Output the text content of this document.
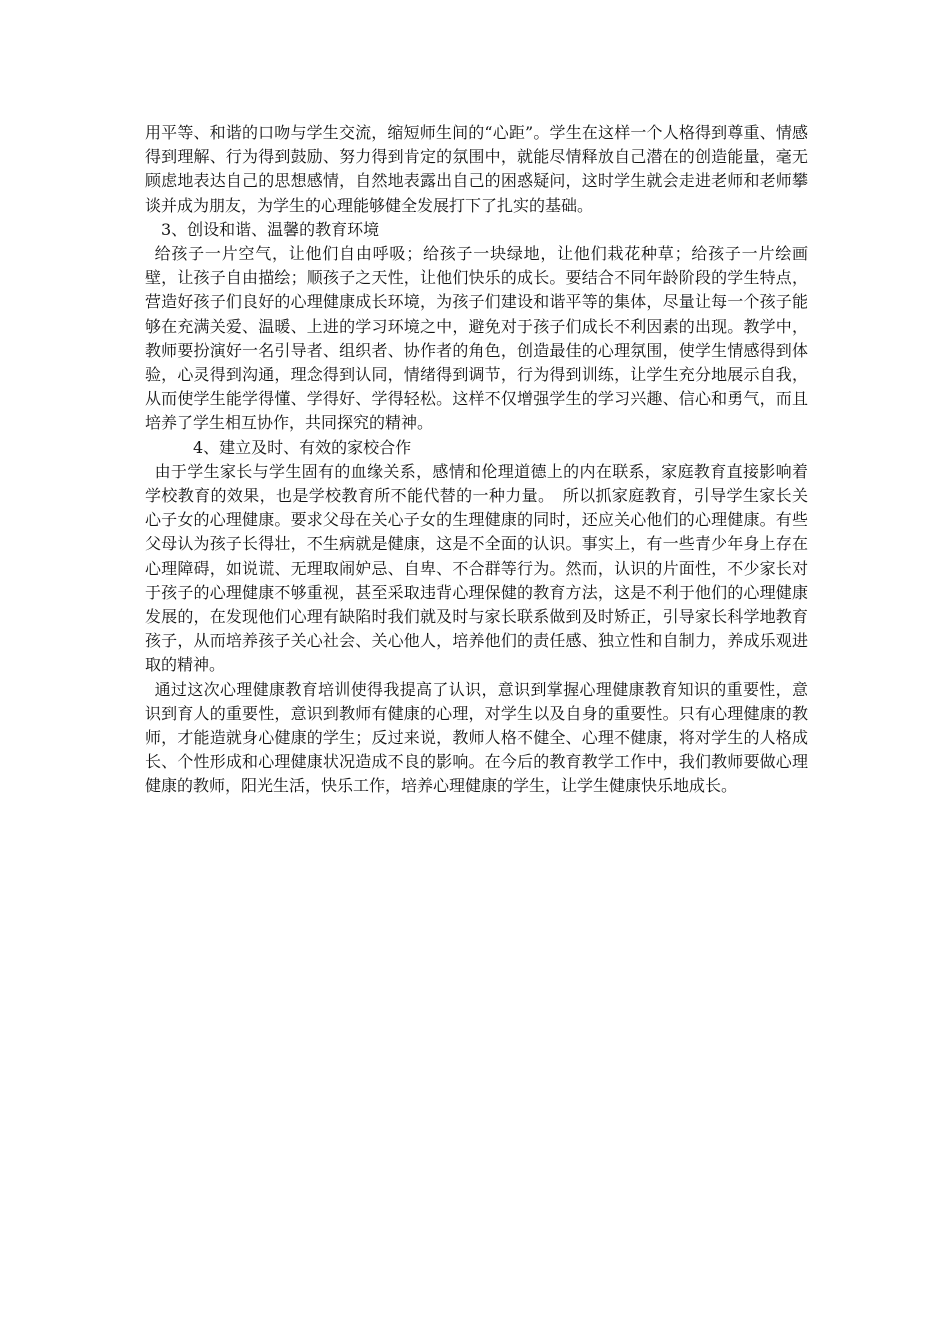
用平等、和谐的口吻与学生交流，缩短师生间的“心距”。学生在这样一个人格得到尊重、情感得到理解、行为得到鼓励、努力得到肯定的氛围中，就能尽情释放自己潜在的创造能量，毫无顾虑地表达自己的思想感情，自然地表露出自己的困惑疑问，这时学生就会走进老师和老师攀谈并成为朋友，为学生的心理能够健全发展打下了扎实的基础。

3、创设和谐、温馨的教育环境

给孩子一片空气，让他们自由呼吸；给孩子一块绿地，让他们栽花种草；给孩子一片绘画壁，让孩子自由描绘；顺孩子之天性，让他们快乐的成长。要结合不同年龄阶段的学生特点，营造好孩子们良好的心理健康成长环境，为孩子们建设和谐平等的集体，尽量让每一个孩子能够在充满关爱、温暖、上进的学习环境之中，避免对于孩子们成长不利因素的出现。教学中，教师要扮演好一名引导者、组织者、协作者的角色，创造最佳的心理氛围，使学生情感得到体验，心灵得到沟通，理念得到认同，情绪得到调节，行为得到训练，让学生充分地展示自我，从而使学生能学得懂、学得好、学得轻松。这样不仅增强学生的学习兴趣、信心和勇气，而且培养了学生相互协作，共同探究的精神。

4、建立及时、有效的家校合作

由于学生家长与学生固有的血缘关系，感情和伦理道德上的内在联系，家庭教育直接影响着学校教育的效果，也是学校教育所不能代替的一种力量。　所以抓家庭教育，引导学生家长关心子女的心理健康。要求父母在关心子女的生理健康的同时，还应关心他们的心理健康。有些父母认为孩子长得壮，不生病就是健康，这是不全面的认识。事实上，有一些青少年身上存在心理障碍，如说谎、无理取闹妒忌、自卑、不合群等行为。然而，认识的片面性，不少家长对于孩子的心理健康不够重视，甚至采取违背心理保健的教育方法，这是不利于他们的心理健康发展的，在发现他们心理有缺陷时我们就及时与家长联系做到及时矫正，引导家长科学地教育孩子，从而培养孩子关心社会、关心他人，培养他们的责任感、独立性和自制力，养成乐观进取的精神。

通过这次心理健康教育培训使得我提高了认识，意识到掌握心理健康教育知识的重要性，意识到育人的重要性，意识到教师有健康的心理，对学生以及自身的重要性。只有心理健康的教师，才能造就身心健康的学生；反过来说，教师人格不健全、心理不健康，将对学生的人格成长、个性形成和心理健康状况造成不良的影响。在今后的教育教学工作中，我们教师要做心理健康的教师，阳光生活，快乐工作，培养心理健康的学生，让学生健康快乐地成长。
